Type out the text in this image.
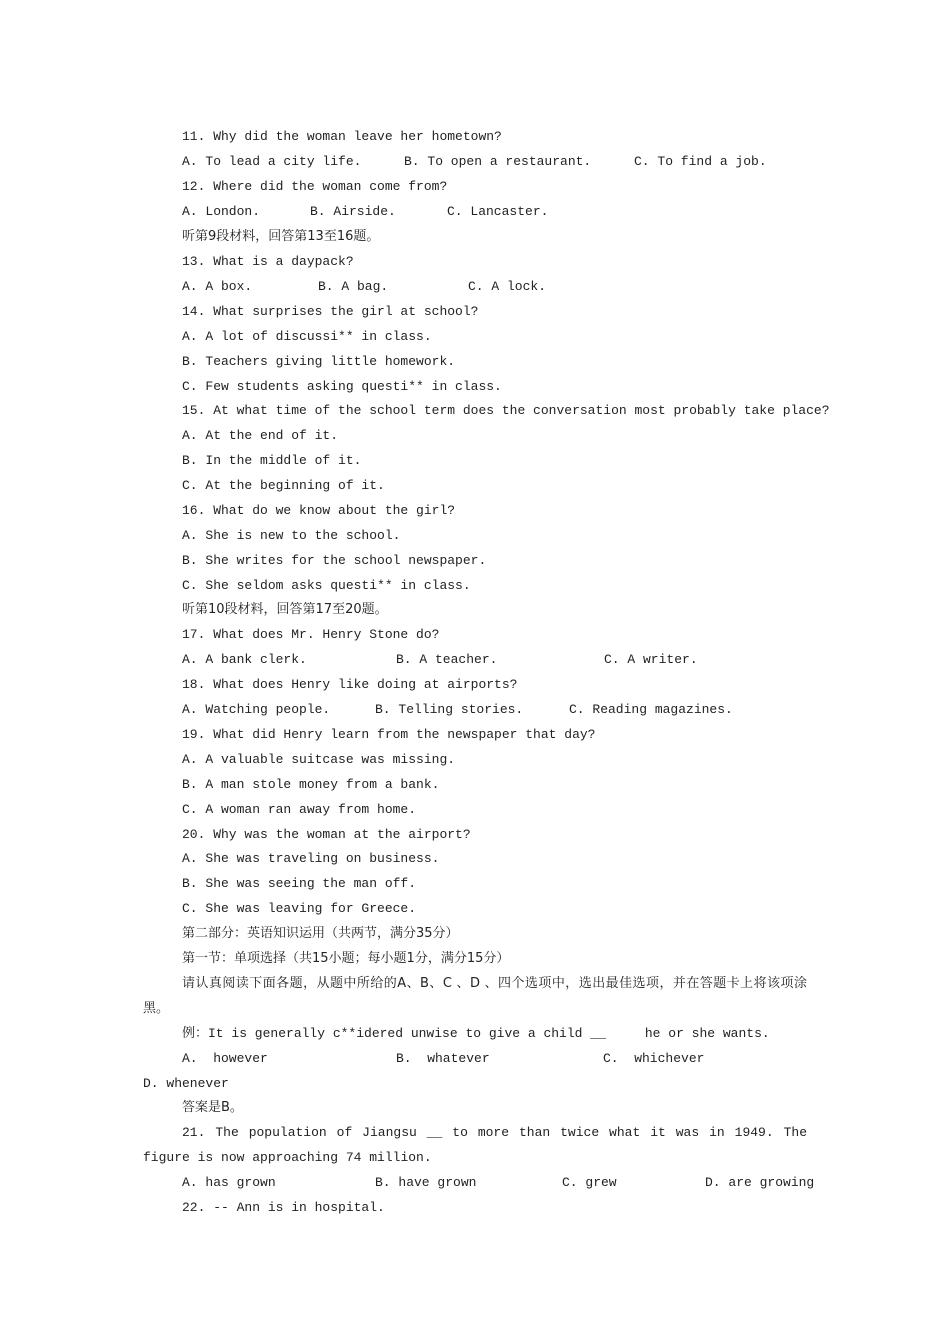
11. Why did the woman leave her hometown?
A. To lead a city life.	B. To open a restaurant.	C. To find a job.
12. Where did the woman come from?
A. London.	B. Airside.	C. Lancaster.
听第9段材料，回答第13至16题。
13. What is a daypack?
A. A box.	B. A bag.	C. A lock.
14. What surprises the girl at school?
A. A lot of discussi** in class.
B. Teachers giving little homework.
C. Few students asking questi** in class.
15. At what time of the school term does the conversation most probably take place?
A. At the end of it.
B. In the middle of it.
C. At the beginning of it.
16. What do we know about the girl?
A. She is new to the school.
B. She writes for the school newspaper.
C. She seldom asks questi** in class.
听第10段材料，回答第17至20题。
17. What does Mr. Henry Stone do?
A. A bank clerk.	B. A teacher.	C. A writer.
18. What does Henry like doing at airports?
A. Watching people.	B. Telling stories.	C. Reading magazines.
19. What did Henry learn from the newspaper that day?
A. A valuable suitcase was missing.
B. A man stole money from a bank.
C. A woman ran away from home.
20. Why was the woman at the airport?
A. She was traveling on business.
B. She was seeing the man off.
C. She was leaving for Greece.
第二部分：英语知识运用（共两节，满分35分）
第一节：单项选择（共15小题；每小题1分，满分15分）
请认真阅读下面各题，从题中所给的A、B、C 、D 、四个选项中，选出最佳选项，并在答题卡上将该项涂黑。
例：It is generally c**idered unwise to give a child __     he or she wants.
A.  however	B.  whatever	C.  whichever
D. whenever
答案是B。
21. The population of Jiangsu __ to more than twice what it was in 1949. The figure is now approaching 74 million.
A. has grown	B. have grown	C. grew	D. are growing
22. -- Ann is in hospital.
